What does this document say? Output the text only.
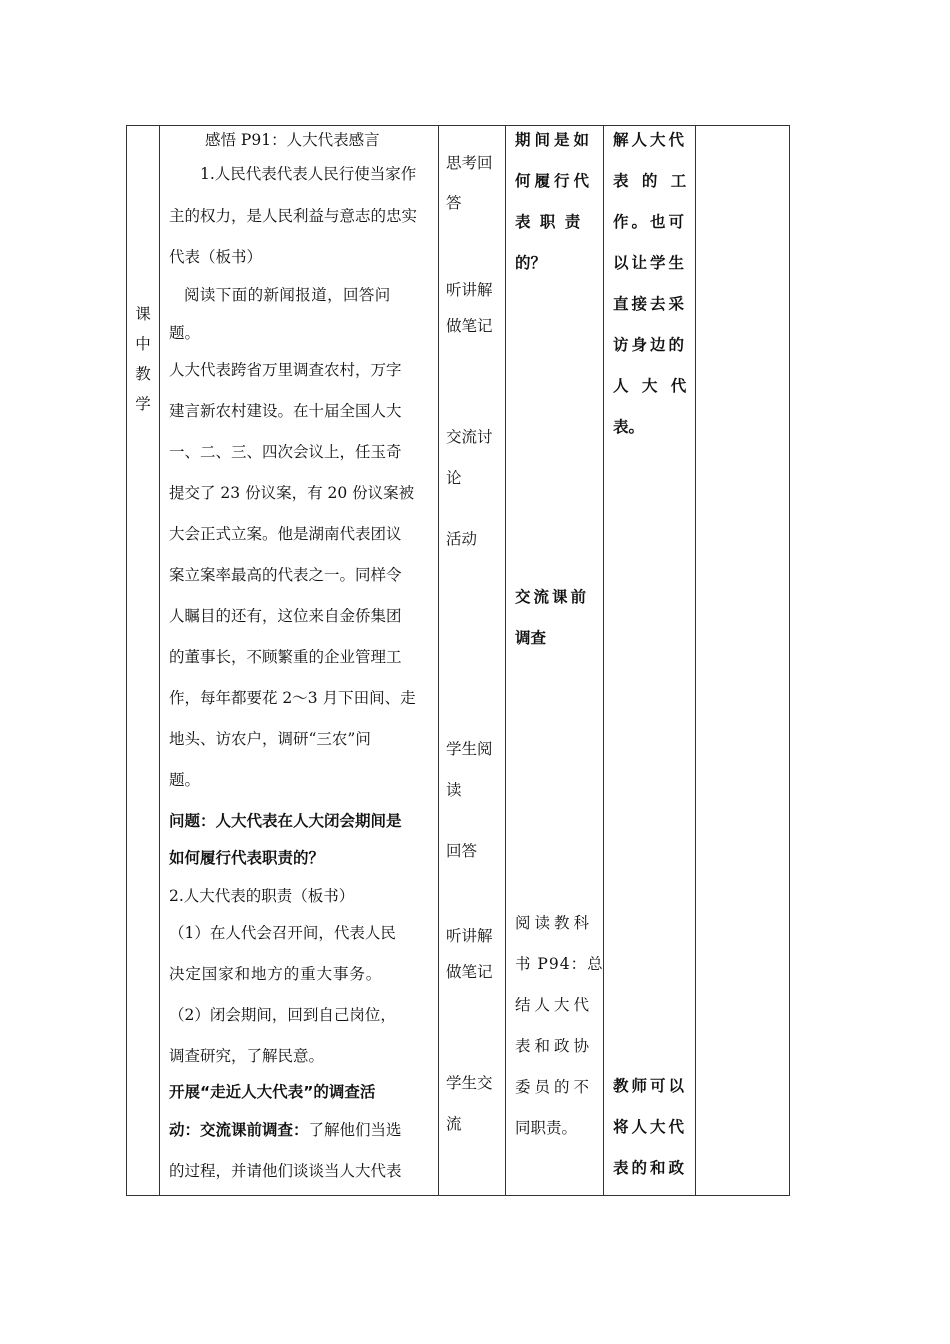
课
中
教
学
感悟 P91：人大代表感言
1.人民代表代表人民行使当家作
主的权力，是人民利益与意志的忠实
代表（板书）
阅读下面的新闻报道，回答问
题。
人大代表跨省万里调查农村，万字
建言新农村建设。在十届全国人大
一、二、三、四次会议上，任玉奇
提交了 23 份议案，有 20 份议案被
大会正式立案。他是湖南代表团议
案立案率最高的代表之一。同样令
人瞩目的还有，这位来自金侨集团
的董事长，不顾繁重的企业管理工
作，每年都要花 2～3 月下田间、走
地头、访农户，调研“三农”问
题。
问题：人大代表在人大闭会期间是
如何履行代表职责的？
2.人大代表的职责（板书）
（1）在人代会召开间，代表人民
决定国家和地方的重大事务。
（2）闭会期间，回到自己岗位，
调查研究，了解民意。
开展“走近人大代表”的调查活
动：交流课前调查：了解他们当选
的过程，并请他们谈谈当人大代表
思考回
答
听讲解
做笔记
交流讨
论
活动
学生阅
读
回答
听讲解
做笔记
学生交
流
期间是如
何履行代
表 职 责
的？
交流课前
调查
阅读教科
书 P94：总
结人大代
表和政协
委员的不
同职责。
解人大代
表 的 工
作。也可
以让学生
直接去采
访身边的
人 大 代
表。
教师可以
将人大代
表的和政
